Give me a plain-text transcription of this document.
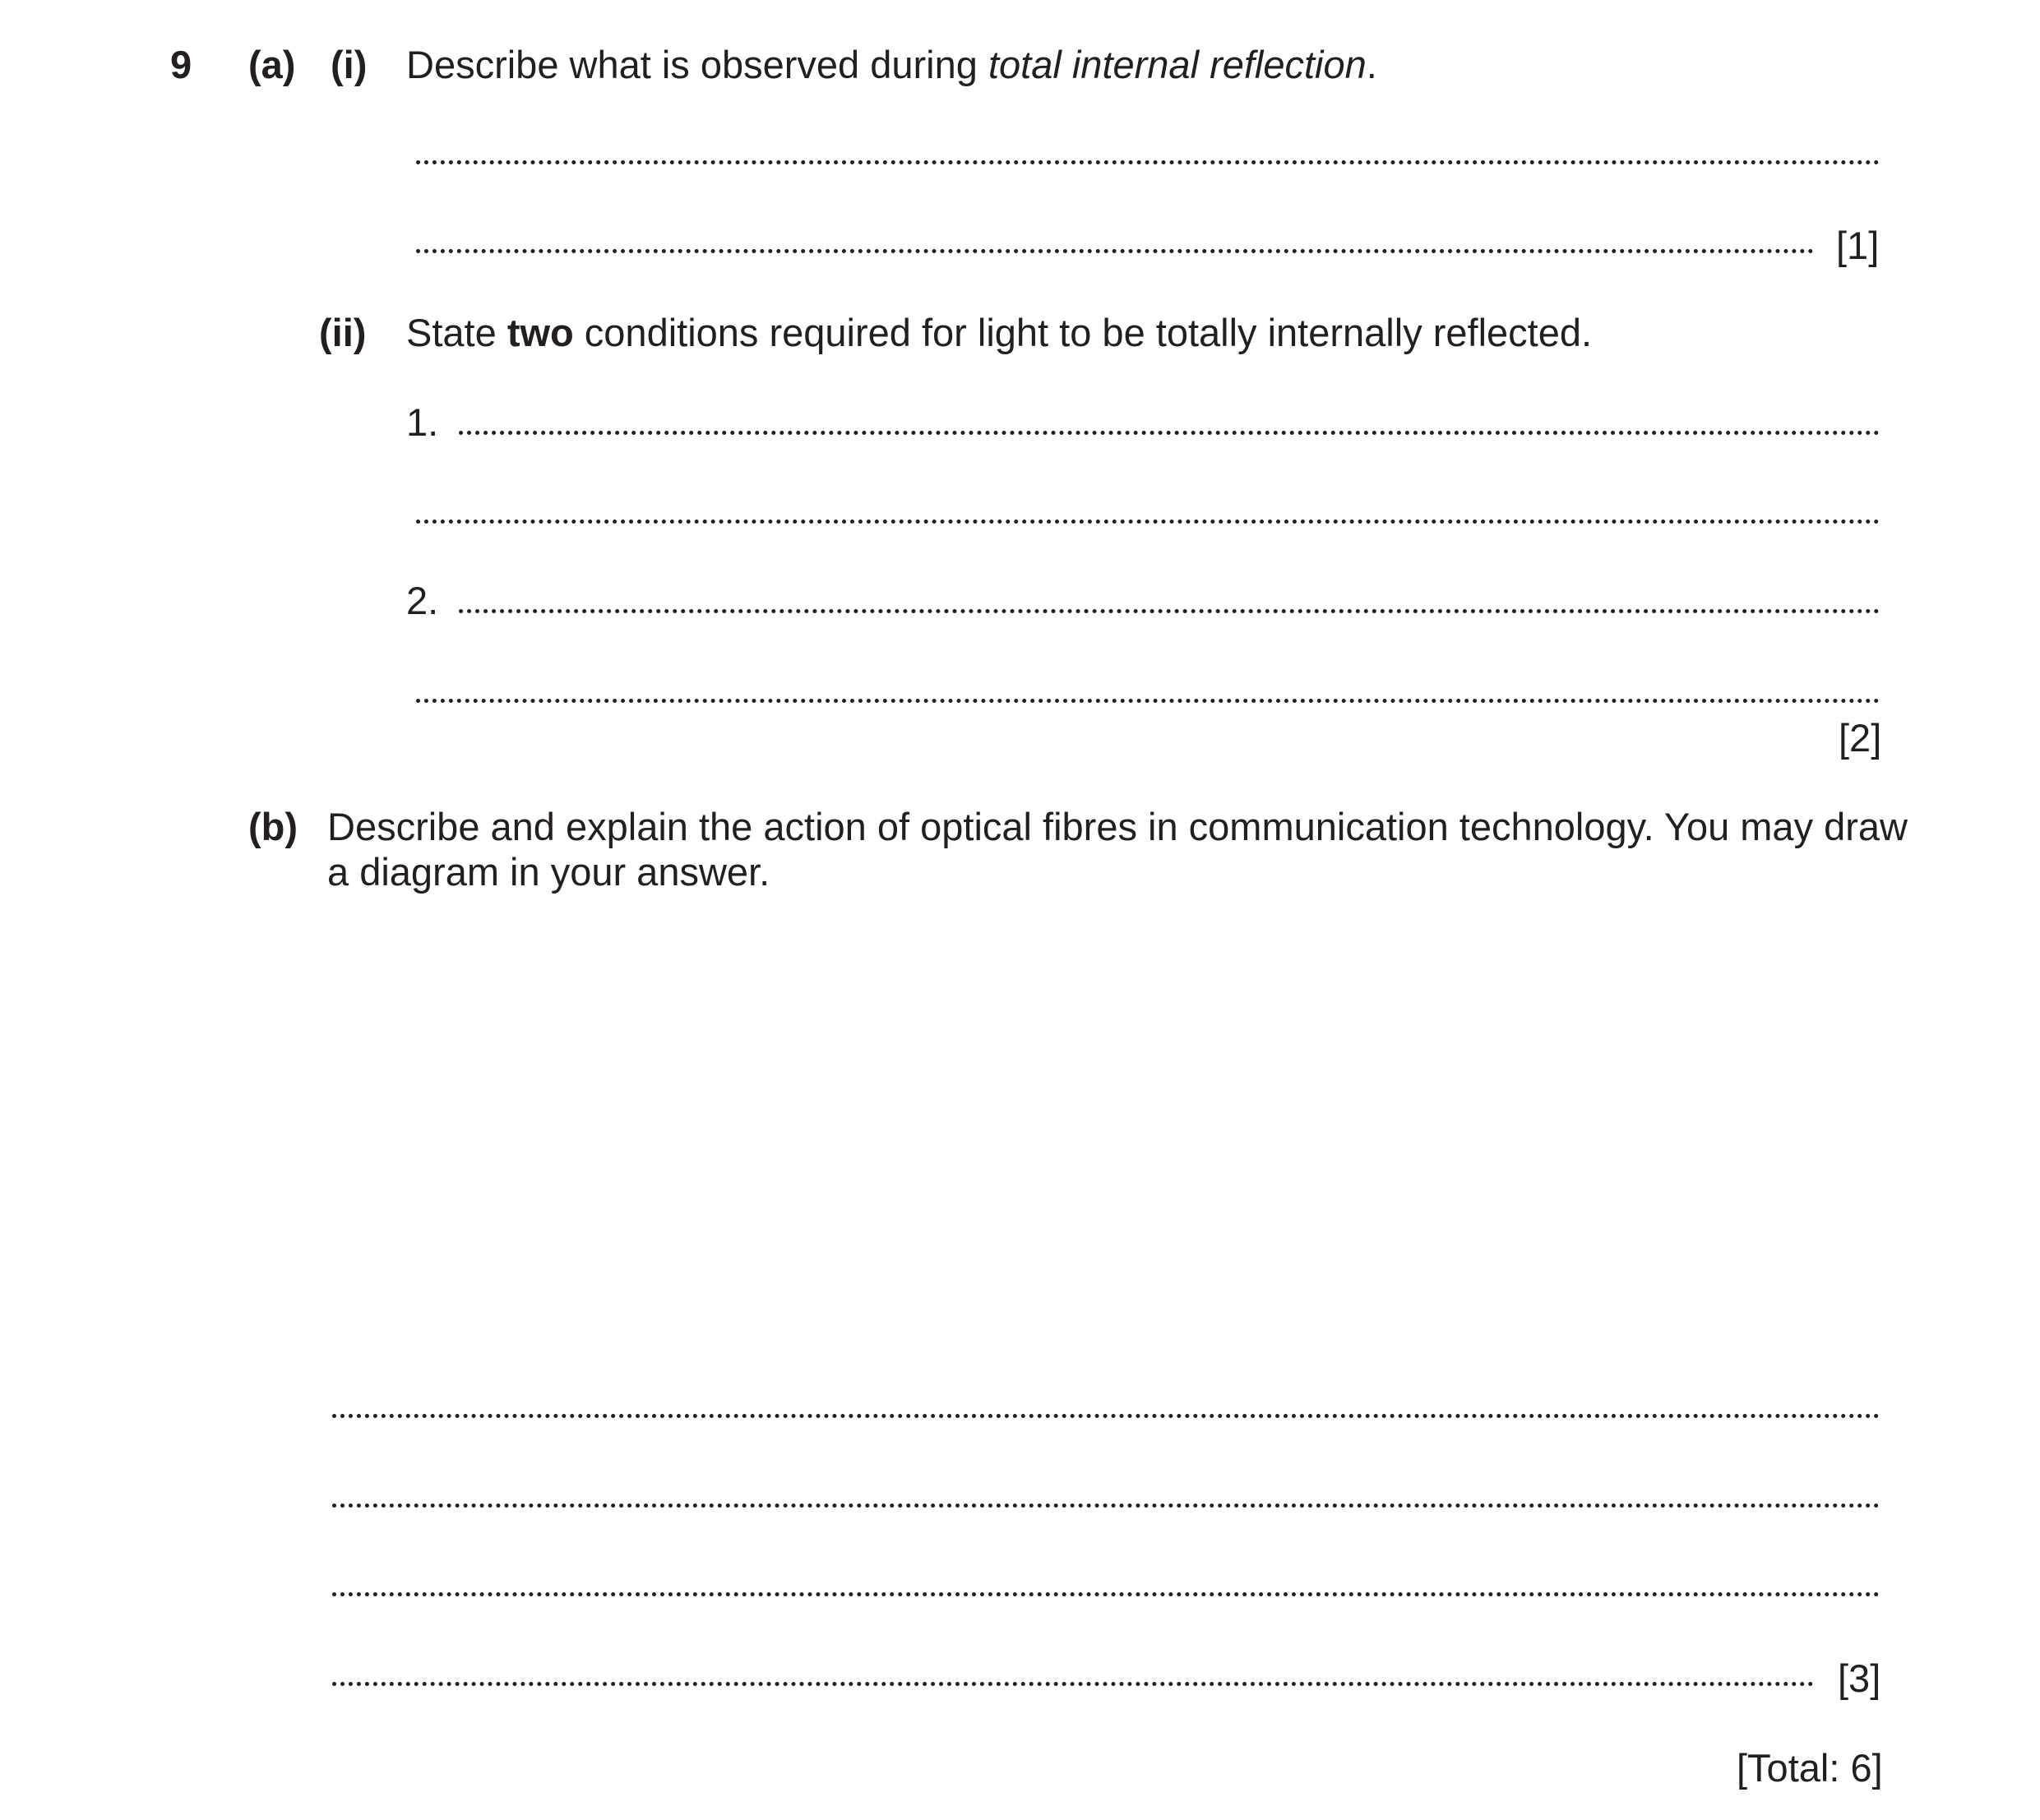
9 (a) (i) Describe what is observed during total internal reflection.
[1]
(ii) State two conditions required for light to be totally internally reflected.
1.
2.
[2]
(b) Describe and explain the action of optical fibres in communication technology. You may draw
a diagram in your answer.
[3]
[Total: 6]
